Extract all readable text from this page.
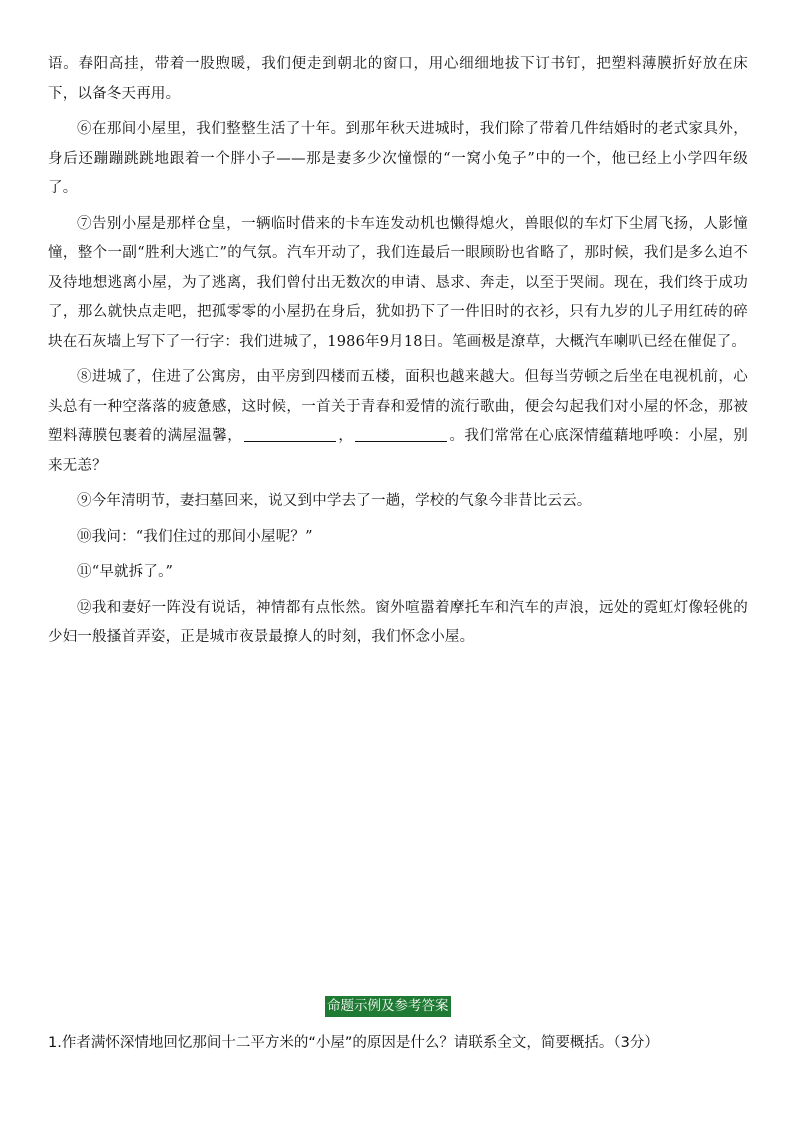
语。春阳高挂，带着一股煦暖，我们便走到朝北的窗口，用心细细地拔下订书钉，把塑料薄膜折好放在床下，以备冬天再用。

⑥在那间小屋里，我们整整生活了十年。到那年秋天进城时，我们除了带着几件结婚时的老式家具外，身后还蹦蹦跳跳地跟着一个胖小子——那是妻多少次憧憬的“一窝小兔子”中的一个，他已经上小学四年级了。

⑦告别小屋是那样仓皇，一辆临时借来的卡车连发动机也懒得熄火，兽眼似的车灯下尘屑飞扬，人影憧憧，整个一副“胜利大逃亡”的气氛。汽车开动了，我们连最后一眼顾盼也省略了，那时候，我们是多么迫不及待地想逃离小屋，为了逃离，我们曾付出无数次的申请、恳求、奔走，以至于哭闹。现在，我们终于成功了，那么就快点走吧，把孤零零的小屋扔在身后，犹如扔下了一件旧时的衣衫，只有九岁的儿子用红砖的碎块在石灰墙上写下了一行字：我们进城了，1986年9月18日。笔画极是潦草，大概汽车喇叭已经在催促了。

⑧进城了，住进了公寓房，由平房到四楼而五楼，面积也越来越大。但每当劳顿之后坐在电视机前，心头总有一种空落落的疲惫感，这时候，一首关于青春和爱情的流行歌曲，便会勾起我们对小屋的怀念，那被塑料薄膜包裹着的满屋温馨，	，	。我们常常在心底深情蕴藉地呼唤：小屋，别来无恙？

⑨今年清明节，妻扫墓回来，说又到中学去了一趟，学校的气象今非昔比云云。

⑩我问：“我们住过的那间小屋呢？”

⑪“早就拆了。”

⑫我和妻好一阵没有说话，神情都有点怅然。窗外喧嚣着摩托车和汽车的声浪，远处的霓虹灯像轻佻的少妇一般搔首弄姿，正是城市夜景最撩人的时刻，我们怀念小屋。

命题示例及参考答案

1.作者满怀深情地回忆那间十二平方米的“小屋”的原因是什么？请联系全文，简要概括。（3分）
